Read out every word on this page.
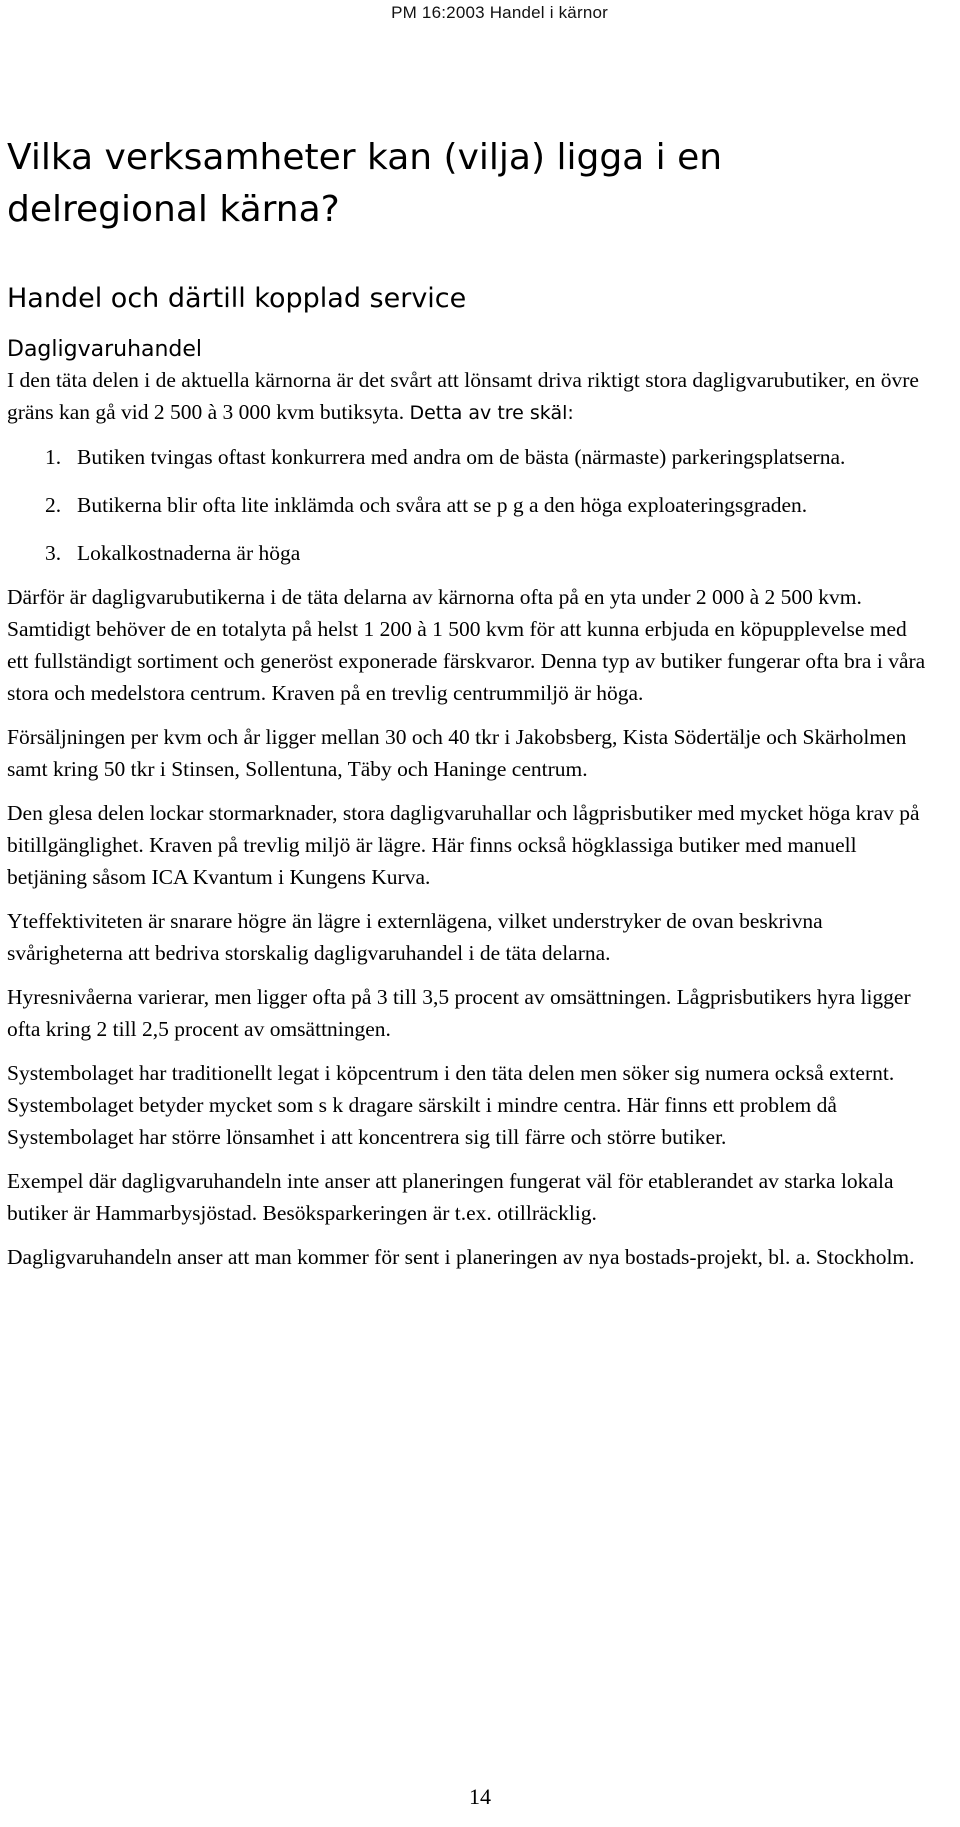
PM 16:2003 Handel i kärnor
Vilka verksamheter kan (vilja) ligga i en delregional kärna?
Handel och därtill kopplad service
Dagligvaruhandel

I den täta delen i de aktuella kärnorna är det svårt att lönsamt driva riktigt stora dagligvarubutiker, en övre gräns kan gå vid 2 500 à 3 000 kvm butiksyta. Detta av tre skäl:

1. Butiken tvingas oftast konkurrera med andra om de bästa (närmaste) parkeringsplatserna.
2. Butikerna blir ofta lite inklämda och svåra att se p g a den höga exploateringsgraden.
3. Lokalkostnaderna är höga

Därför är dagligvarubutikerna i de täta delarna av kärnorna ofta på en yta under 2 000 à 2 500 kvm. Samtidigt behöver de en totalyta på helst 1 200 à 1 500 kvm för att kunna erbjuda en köpupplevelse med ett fullständigt sortiment och generöst exponerade färskvaror. Denna typ av butiker fungerar ofta bra i våra stora och medelstora centrum. Kraven på en trevlig centrummiljö är höga.

Försäljningen per kvm och år ligger mellan 30 och 40 tkr i Jakobsberg, Kista Södertälje och Skärholmen samt kring 50 tkr i Stinsen, Sollentuna, Täby och Haninge centrum.

Den glesa delen lockar stormarknader, stora dagligvaruhallar och lågprisbutiker med mycket höga krav på bitillgänglighet. Kraven på trevlig miljö är lägre. Här finns också högklassiga butiker med manuell betjäning såsom ICA Kvantum i Kungens Kurva.

Yteffektiviteten är snarare högre än lägre i externlägena, vilket understryker de ovan beskrivna svårigheterna att bedriva storskalig dagligvaruhandel i de täta delarna.

Hyresnivåerna varierar, men ligger ofta på 3 till 3,5 procent av omsättningen. Lågprisbutikers hyra ligger ofta kring 2 till 2,5 procent av omsättningen.

Systembolaget har traditionellt legat i köpcentrum i den täta delen men söker sig numera också externt. Systembolaget betyder mycket som s k dragare särskilt i mindre centra. Här finns ett problem då Systembolaget har större lönsamhet i att koncentrera sig till färre och större butiker.

Exempel där dagligvaruhandeln inte anser att planeringen fungerat väl för etablerandet av starka lokala butiker är Hammarbysjöstad. Besöksparkeringen är t.ex. otillräcklig.

Dagligvaruhandeln anser att man kommer för sent i planeringen av nya bostads-projekt, bl. a. Stockholm.

14
